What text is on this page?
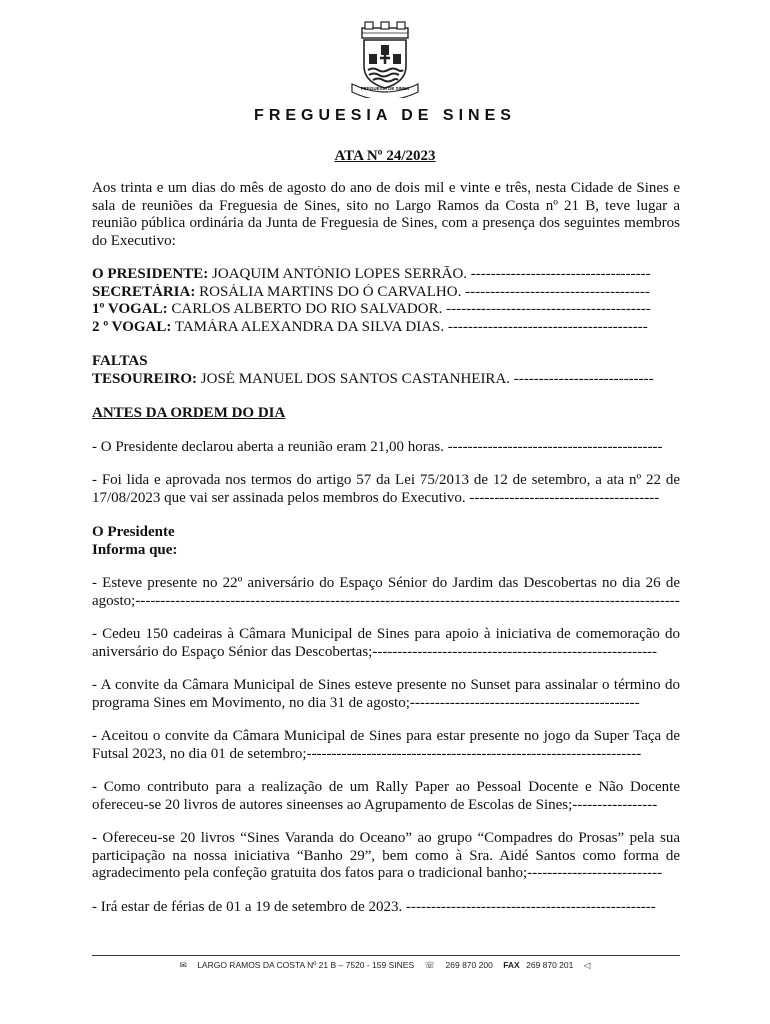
FREGUESIA DE SINES
FREGUESIA DE SINES
ATA Nº 24/2023

Aos trinta e um dias do mês de agosto do ano de dois mil e vinte e três, nesta Cidade de Sines e sala de reuniões da Freguesia de Sines, sito no Largo Ramos da Costa nº 21 B, teve lugar a reunião pública ordinária da Junta de Freguesia de Sines, com a presença dos seguintes membros do Executivo:

O PRESIDENTE: JOAQUIM ANTÓNIO LOPES SERRÃO. ------------------------------------
SECRETÁRIA: ROSÁLIA MARTINS DO Ó CARVALHO. -------------------------------------
1º VOGAL: CARLOS ALBERTO DO RIO SALVADOR. -----------------------------------------
2 º VOGAL: TAMÁRA ALEXANDRA DA SILVA DIAS. ----------------------------------------
FALTAS
TESOUREIRO: JOSÉ MANUEL DOS SANTOS CASTANHEIRA. ----------------------------
ANTES DA ORDEM DO DIA

- O Presidente declarou aberta a reunião eram 21,00 horas. -------------------------------------------

- Foi lida e aprovada nos termos do artigo 57 da Lei 75/2013 de 12 de setembro, a ata nº 22 de 17/08/2023 que vai ser assinada pelos membros do Executivo. --------------------------------------

O Presidente
Informa que:

- Esteve presente no 22º aniversário do Espaço Sénior do Jardim das Descobertas no dia 26 de agosto;-------------------------------------------------------------------------------------------------------------

- Cedeu 150 cadeiras à Câmara Municipal de Sines para apoio à iniciativa de comemoração do aniversário do Espaço Sénior das Descobertas;---------------------------------------------------------

- A convite da Câmara Municipal de Sines esteve presente no Sunset para assinalar o término do programa Sines em Movimento, no dia 31 de agosto;----------------------------------------------

- Aceitou o convite da Câmara Municipal de Sines para estar presente no jogo da Super Taça de Futsal 2023, no dia 01 de setembro;-------------------------------------------------------------------

- Como contributo para a realização de um Rally Paper ao Pessoal Docente e Não Docente ofereceu-se 20 livros de autores sineenses ao Agrupamento de Escolas de Sines;-----------------

- Ofereceu-se 20 livros “Sines Varanda do Oceano” ao grupo “Compadres do Prosas” pela sua participação na nossa iniciativa “Banho 29”, bem como à Sra. Aidé Santos como forma de agradecimento pela confeção gratuita dos fatos para o tradicional banho;---------------------------

- Irá estar de férias de 01 a 19 de setembro de 2023. --------------------------------------------------

✉ LARGO RAMOS DA COSTA Nº 21 B – 7520 - 159 SINES ☏ 269 870 200 FAX 269 870 201 ◁
